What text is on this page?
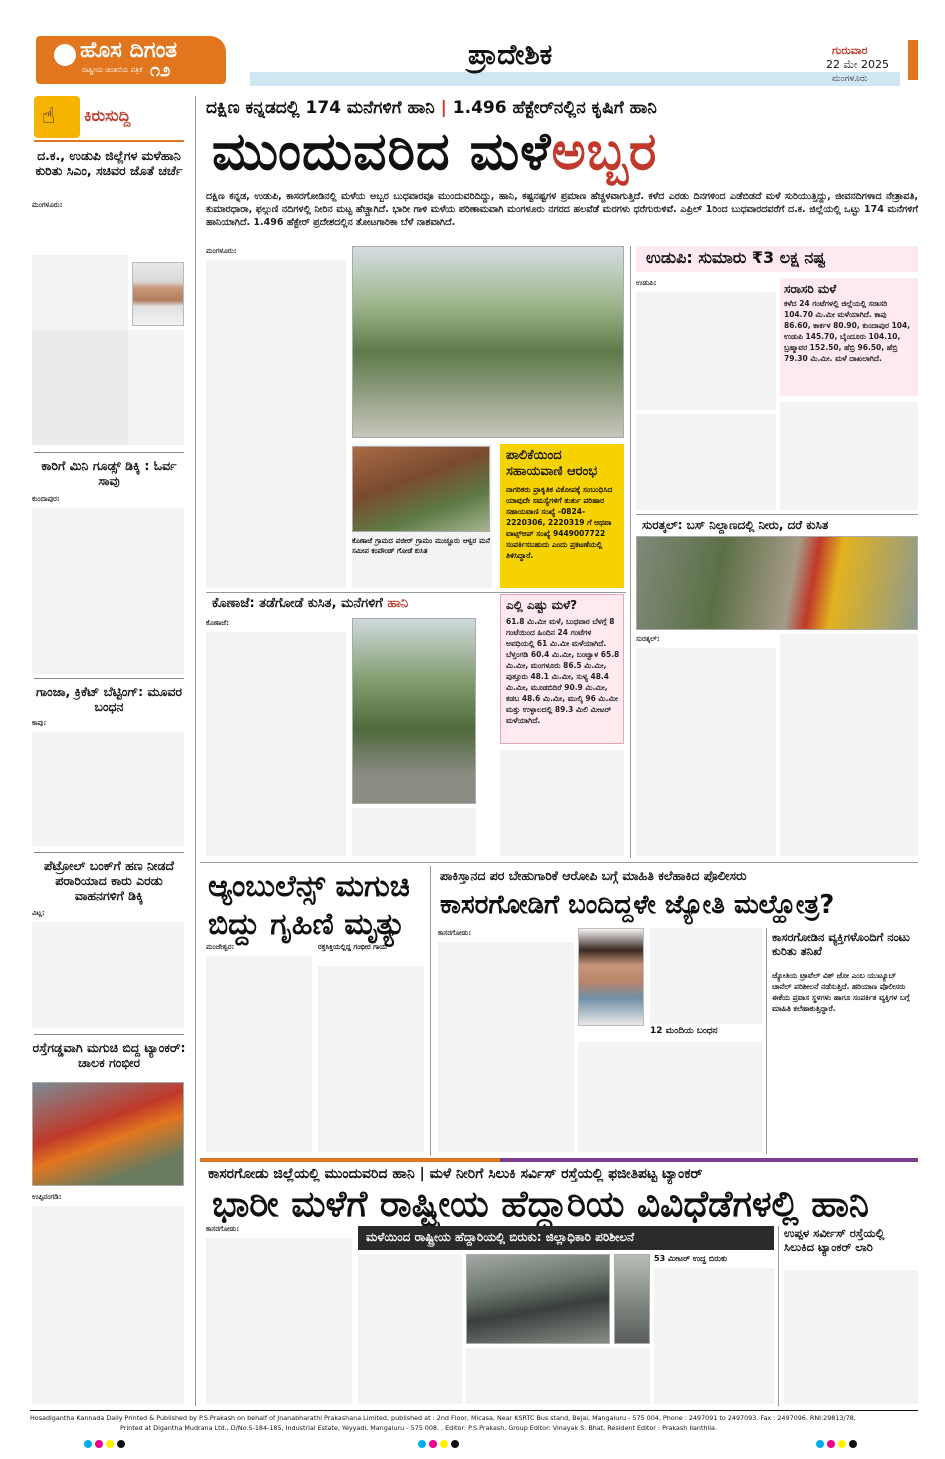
ಹೊಸ ದಿಗಂತ
ರಾಷ್ಟ್ರೀಯ ಚಿಂತನೆಯ ಪತ್ರಿಕೆ ೧೨	ಪ್ರಾದೇಶಿಕ	ಗುರುವಾರ
22 ಮೇ 2025
ಮಂಗಳೂರು
☝ ಕಿರುಸುದ್ದಿ
ದ.ಕ., ಉಡುಪಿ ಜಿಲ್ಲೆಗಳ ಮಳೆಹಾನಿ ಕುರಿತು ಸಿಎಂ, ಸಚಿವರ ಜೊತೆ ಚರ್ಚೆ
ಮಂಗಳೂರು:
ಕಾರಿಗೆ ಮಿನಿ ಗೂಡ್ಸ್ ಡಿಕ್ಕಿ : ಓರ್ವ ಸಾವು
ಕುಂದಾಪುರ:
ಗಾಂಜಾ, ಕ್ರಿಕೆಟ್ ಬೆಟ್ಟಿಂಗ್: ಮೂವರ ಬಂಧನ
ಕಾಪು:
ಪೆಟ್ರೋಲ್ ಬಂಕ್‌ಗೆ ಹಣ ನೀಡದೆ ಪರಾರಿಯಾದ ಕಾರು ಎರಡು ವಾಹನಗಳಿಗೆ ಡಿಕ್ಕಿ
ವಿಟ್ಲ:
ರಸ್ತೆಗಡ್ಡವಾಗಿ ಮಗುಚಿ ಬಿದ್ದ ಟ್ಯಾಂಕರ್: ಚಾಲಕ ಗಂಭೀರ
ಉಪ್ಪಿನಂಗಡಿ:
ದಕ್ಷಿಣ ಕನ್ನಡದಲ್ಲಿ 174 ಮನೆಗಳಿಗೆ ಹಾನಿ | 1.496 ಹೆಕ್ಟೇರ್‌ನಲ್ಲಿನ ಕೃಷಿಗೆ ಹಾನಿ
ಮುಂದುವರಿದ ಮಳೆಅಬ್ಬರ
ದಕ್ಷಿಣ ಕನ್ನಡ, ಉಡುಪಿ, ಕಾಸರಗೋಡಿನಲ್ಲಿ ಮಳೆಯ ಅಬ್ಬರ ಬುಧವಾರವೂ ಮುಂದುವರಿದಿದ್ದು, ಹಾನಿ, ಕಷ್ಟನಷ್ಟಗಳ ಪ್ರಮಾಣ ಹೆಚ್ಚಳವಾಗುತ್ತಿದೆ. ಕಳೆದ ಎರಡು ದಿನಗಳಿಂದ ಎಡೆಬಿಡದೆ ಮಳೆ ಸುರಿಯುತ್ತಿದ್ದು, ಜೀವನದಿಗಳಾದ ನೇತ್ರಾವತಿ, ಕುಮಾರಧಾರಾ, ಫಲ್ಗುಣಿ ನದಿಗಳಲ್ಲಿ ನೀರಿನ ಮಟ್ಟ ಹೆಚ್ಚಾಗಿದೆ. ಭಾರೀ ಗಾಳಿ ಮಳೆಯ ಪರಿಣಾಮವಾಗಿ ಮಂಗಳೂರು ನಗರದ ಹಲವೆಡೆ ಮರಗಳು ಧರೆಗುರುಳಿವೆ. ಎಪ್ರಿಲ್ 1ರಿಂದ ಬುಧವಾರದವರೆಗೆ ದ.ಕ. ಜಿಲ್ಲೆಯಲ್ಲಿ ಒಟ್ಟು 174 ಮನೆಗಳಿಗೆ ಹಾನಿಯಾಗಿದೆ. 1.496 ಹೆಕ್ಟೇರ್ ಪ್ರದೇಶದಲ್ಲಿನ ತೋಟಗಾರಿಕಾ ಬೆಳೆ ನಾಶವಾಗಿದೆ.
ಮಂಗಳೂರು:
ಕೊಣಾಜೆ ಗ್ರಾಮದ ಪಜೀರ್ ಗ್ರಾಮಂ ಮುಚ್ಚೂರು ಆಳ್ವರ ಮನೆ ಸಮೀಪ ಕಂಪೌಂಡ್ ಗೋಡೆ ಕುಸಿತ
ಪಾಲಿಕೆಯಿಂದ ಸಹಾಯವಾಣಿ ಆರಂಭ
ನಾಗರಿಕರು ಪ್ರಾಕೃತಿಕ ವಿಕೋಪಕ್ಕೆ ಸಂಬಂಧಿಸಿದ ಯಾವುದೇ ಸಮಸ್ಯೆಗಳಿಗೆ ತುರ್ತು ಪರಿಹಾರ ಸಹಾಯವಾಣಿ ಸಂಖ್ಯೆ -0824-2220306, 2220319 ಗೆ ಅಥವಾ ವಾಟ್ಸ್‌ಆಪ್ ಸಂಖ್ಯೆ 9449007722 ಸಂಪರ್ಕಿಸಬಹುದು ಎಂದು ಪ್ರಕಟಣೆಯಲ್ಲಿ ತಿಳಿಸಿದ್ದಾರೆ.
ಕೊಣಾಜೆ: ತಡೆಗೋಡೆ ಕುಸಿತ, ಮನೆಗಳಿಗೆ ಹಾನಿ
ಕೊಣಾಜೆ:
ಎಲ್ಲಿ ಎಷ್ಟು ಮಳೆ?
61.8 ಮಿ.ಮೀ ಮಳೆ, ಬುಧವಾರ ಬೆಳಗ್ಗೆ 8 ಗಂಟೆಯಿಂದ ಹಿಂದಿನ 24 ಗಂಟೆಗಳ ಅವಧಿಯಲ್ಲಿ 61 ಮಿ.ಮೀ ಮಳೆಯಾಗಿದೆ. ಬೆಳ್ತಂಗಡಿ 60.4 ಮಿ.ಮೀ, ಬಂಟ್ವಾಳ 65.8 ಮಿ.ಮೀ, ಮಂಗಳೂರು 86.5 ಮಿ.ಮೀ, ಪುತ್ತೂರು 48.1 ಮಿ.ಮೀ, ಸುಳ್ಯ 48.4 ಮಿ.ಮೀ, ಮೂಡಬಿದಿರೆ 90.9 ಮಿ.ಮೀ, ಕಡಬ 48.6 ಮಿ.ಮೀ, ಮುಲ್ಕಿ 96 ಮಿ.ಮೀ ಮತ್ತು ಉಳ್ಳಾಲದಲ್ಲಿ 89.3 ಮಿಲಿ ಮೀಟರ್ ಮಳೆಯಾಗಿದೆ.
ಉಡುಪಿ: ಸುಮಾರು ₹3 ಲಕ್ಷ ನಷ್ಟ
ಉಡುಪಿ:	ಸರಾಸರಿ ಮಳೆ
ಕಳೆದ 24 ಗಂಟೆಗಳಲ್ಲಿ ಜಿಲ್ಲೆಯಲ್ಲಿ ಸರಾಸರಿ 104.70 ಮಿ.ಮೀ ಮಳೆಯಾಗಿದೆ. ಕಾಪು 86.60, ಕಾರ್ಕಳ 80.90, ಕುಂದಾಪುರ 104, ಉಡುಪಿ 145.70, ಬೈಂದೂರು 104.10, ಬ್ರಹ್ಮಾವರ 152.50, ಹೆಬ್ರಿ 96.50, ಹೆಬ್ರಿ 79.30 ಮಿ.ಮೀ. ಮಳೆ ದಾಖಲಾಗಿದೆ.
ಸುರತ್ಕಲ್: ಬಸ್ ನಿಲ್ದಾಣದಲ್ಲಿ ನೀರು, ದರೆ ಕುಸಿತ
ಸುರತ್ಕಲ್:
ಆ್ಯಂಬುಲೆನ್ಸ್ ಮಗುಚಿ ಬಿದ್ದು ಗೃಹಿಣಿ ಮೃತ್ಯು
ಮಂಜೇಶ್ವರ:	ರಕ್ತಸಿಕ್ತಿಯಲ್ಲಿದ್ದ ಗಂಭೀರ ಗಾಯ
ಪಾಕಿಸ್ತಾನದ ಪರ ಬೇಹುಗಾರಿಕೆ ಆರೋಪಿ ಬಗ್ಗೆ ಮಾಹಿತಿ ಕಲೆಹಾಕಿದ ಪೊಲೀಸರು
ಕಾಸರಗೋಡಿಗೆ ಬಂದಿದ್ದಳೇ ಜ್ಯೋತಿ ಮಲ್ಹೋತ್ರ?
ಕಾಸರಗೋಡು:
12 ಮಂದಿಯ ಬಂಧನ
ಕಾಸರಗೋಡಿನ ವ್ಯಕ್ತಿಗಳೊಂದಿಗೆ ನಂಟು ಕುರಿತು ತನಿಖೆ
ಜ್ಯೋತಿಯ ಟ್ರಾವೆಲ್ ವಿತ್ ಜೋ ಎಂಬ ಯುಟ್ಯೂಬ್ ಚಾನೆಲ್ ಪರಿಶೀಲನೆ ನಡೆಸುತ್ತಿದೆ. ಹರಿಯಾಣ ಪೊಲೀಸರು ಈಕೆಯ ಪ್ರವಾಸ ಸ್ಥಳಗಳು ಹಾಗೂ ಸಂಪರ್ಕಿತ ವ್ಯಕ್ತಿಗಳ ಬಗ್ಗೆ ಮಾಹಿತಿ ಕಲೆಹಾಕುತ್ತಿದ್ದಾರೆ.
ಕಾಸರಗೋಡು ಜಿಲ್ಲೆಯಲ್ಲಿ ಮುಂದುವರಿದ ಹಾನಿ | ಮಳೆ ನೀರಿಗೆ ಸಿಲುಕಿ ಸರ್ವಿಸ್ ರಸ್ತೆಯಲ್ಲಿ ಫಜೀತಿಪಟ್ಟ ಟ್ಯಾಂಕರ್
ಭಾರೀ ಮಳೆಗೆ ರಾಷ್ಟ್ರೀಯ ಹೆದ್ದಾರಿಯ ವಿವಿಧೆಡೆಗಳಲ್ಲಿ ಹಾನಿ
ಕಾಸರಗೋಡು:
ಮಳೆಯಿಂದ ರಾಷ್ಟ್ರೀಯ ಹೆದ್ದಾರಿಯಲ್ಲಿ ಬಿರುಕು: ಜಿಲ್ಲಾಧಿಕಾರಿ ಪರಿಶೀಲನೆ
53 ಮೀಟರ್ ಉದ್ದ ಬಿರುಕು
ಉಪ್ಪಳ ಸರ್ವೀಸ್ ರಸ್ತೆಯಲ್ಲಿ ಸಿಲುಕಿದ ಟ್ಯಾಂಕರ್ ಲಾರಿ
Hosadigantha Kannada Daily Printed & Published by P.S.Prakash on behalf of Jnanabharathi Prakashana Limited, published at : 2nd Floor, Micasa, Near KSRTC Bus stand, Bejai, Mangaluru - 575 004, Phone : 2497091 to 2497093. Fax : 2497096. RNI:29813/78,
Printed at Digantha Mudrana Ltd., D/No.5-184-185, Industrial Estate, Yeyyadi, Mangaluru - 575 008. . Editor: P.S.Prakash, Group Editor: Vinayak S. Bhat, Resident Editor : Prakash Ilanthila.
